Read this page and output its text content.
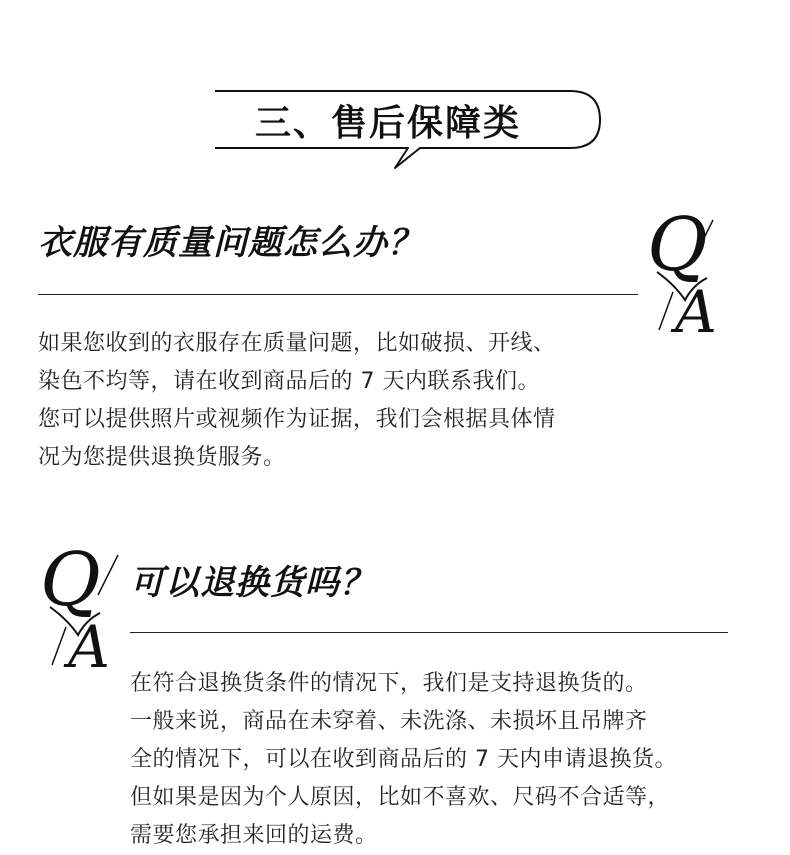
三、售后保障类
衣服有质量问题怎么办？	Q
A
如果您收到的衣服存在质量问题，比如破损、开线、
染色不均等，请在收到商品后的 7 天内联系我们。
您可以提供照片或视频作为证据，我们会根据具体情
况为您提供退换货服务。
Q
A
可以退换货吗？
在符合退换货条件的情况下，我们是支持退换货的。
一般来说，商品在未穿着、未洗涤、未损坏且吊牌齐
全的情况下，可以在收到商品后的 7 天内申请退换货。
但如果是因为个人原因，比如不喜欢、尺码不合适等，
需要您承担来回的运费。
